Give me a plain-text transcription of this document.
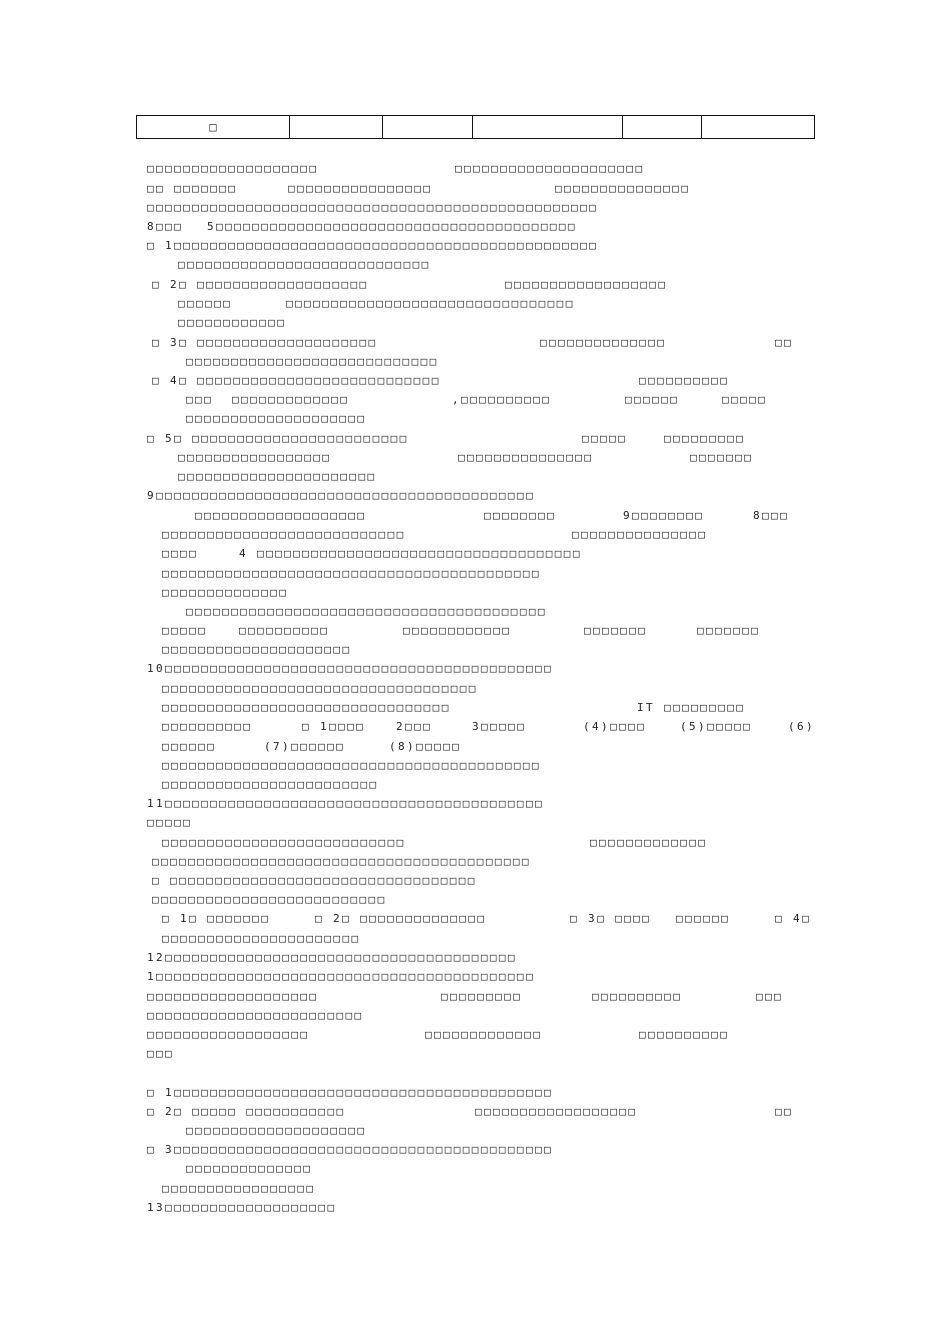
□					
□□□□□□□□□□□□□□□□□□□	□□□□□□□□□□□□□□□□□□□□□
□□ □□□□□□□	□□□□□□□□□□□□□□□□	□□□□□□□□□□□□□□□
□□□□□□□□□□□□□□□□□□□□□□□□□□□□□□□□□□□□□□□□□□□□□□□□□□
8□□□ 5□□□□□□□□□□□□□□□□□□□□□□□□□□□□□□□□□□□□□□□□
□ 1□□□□□□□□□□□□□□□□□□□□□□□□□□□□□□□□□□□□□□□□□□□□□□□
□□□□□□□□□□□□□□□□□□□□□□□□□□□□
□ 2□ □□□□□□□□□□□□□□□□□□□	□□□□□□□□□□□□□□□□□□
□□□□□□	□□□□□□□□□□□□□□□□□□□□□□□□□□□□□□□□
□□□□□□□□□□□□
□ 3□ □□□□□□□□□□□□□□□□□□□□	□□□□□□□□□□□□□□	□□
□□□□□□□□□□□□□□□□□□□□□□□□□□□□
□ 4□ □□□□□□□□□□□□□□□□□□□□□□□□□□□	□□□□□□□□□□
□□□ □□□□□□□□□□□□□	,□□□□□□□□□□	□□□□□□	□□□□□
□□□□□□□□□□□□□□□□□□□□
□ 5□ □□□□□□□□□□□□□□□□□□□□□□□□	□□□□□	□□□□□□□□□
□□□□□□□□□□□□□□□□□	□□□□□□□□□□□□□□□	□□□□□□□
□□□□□□□□□□□□□□□□□□□□□□
9□□□□□□□□□□□□□□□□□□□□□□□□□□□□□□□□□□□□□□□□□□
□□□□□□□□□□□□□□□□□□□	□□□□□□□□	9□□□□□□□□	8□□□
□□□□□□□□□□□□□□□□□□□□□□□□□□□	□□□□□□□□□□□□□□□
□□□□	4 □□□□□□□□□□□□□□□□□□□□□□□□□□□□□□□□□□□□
□□□□□□□□□□□□□□□□□□□□□□□□□□□□□□□□□□□□□□□□□□
□□□□□□□□□□□□□□
□□□□□□□□□□□□□□□□□□□□□□□□□□□□□□□□□□□□□□□□
□□□□□	□□□□□□□□□□	□□□□□□□□□□□□	□□□□□□□	□□□□□□□
□□□□□□□□□□□□□□□□□□□□□
10□□□□□□□□□□□□□□□□□□□□□□□□□□□□□□□□□□□□□□□□□□□
□□□□□□□□□□□□□□□□□□□□□□□□□□□□□□□□□□□
□□□□□□□□□□□□□□□□□□□□□□□□□□□□□□□□	IT □□□□□□□□□
□□□□□□□□□□	□ 1□□□□	2□□□	3□□□□□	(4)□□□□	(5)□□□□□	(6)
□□□□□□	(7)□□□□□□	(8)□□□□□
□□□□□□□□□□□□□□□□□□□□□□□□□□□□□□□□□□□□□□□□□□
□□□□□□□□□□□□□□□□□□□□□□□□
11□□□□□□□□□□□□□□□□□□□□□□□□□□□□□□□□□□□□□□□□□□
□□□□□
□□□□□□□□□□□□□□□□□□□□□□□□□□□	□□□□□□□□□□□□□
□□□□□□□□□□□□□□□□□□□□□□□□□□□□□□□□□□□□□□□□□□
□ □□□□□□□□□□□□□□□□□□□□□□□□□□□□□□□□□□
□□□□□□□□□□□□□□□□□□□□□□□□□□
□ 1□ □□□□□□□	□ 2□ □□□□□□□□□□□□□□	□ 3□ □□□□ □□□□□□	□ 4□
□□□□□□□□□□□□□□□□□□□□□□
12□□□□□□□□□□□□□□□□□□□□□□□□□□□□□□□□□□□□□□□
1□□□□□□□□□□□□□□□□□□□□□□□□□□□□□□□□□□□□□□□□□□
□□□□□□□□□□□□□□□□□□□	□□□□□□□□□	□□□□□□□□□□	□□□
□□□□□□□□□□□□□□□□□□□□□□□□
□□□□□□□□□□□□□□□□□□	□□□□□□□□□□□□□	□□□□□□□□□□
□□□
□ 1□□□□□□□□□□□□□□□□□□□□□□□□□□□□□□□□□□□□□□□□□□
□ 2□ □□□□□ □□□□□□□□□□□	□□□□□□□□□□□□□□□□□□	□□
□□□□□□□□□□□□□□□□□□□□
□ 3□□□□□□□□□□□□□□□□□□□□□□□□□□□□□□□□□□□□□□□□□□
□□□□□□□□□□□□□□
□□□□□□□□□□□□□□□□□
13□□□□□□□□□□□□□□□□□□□
